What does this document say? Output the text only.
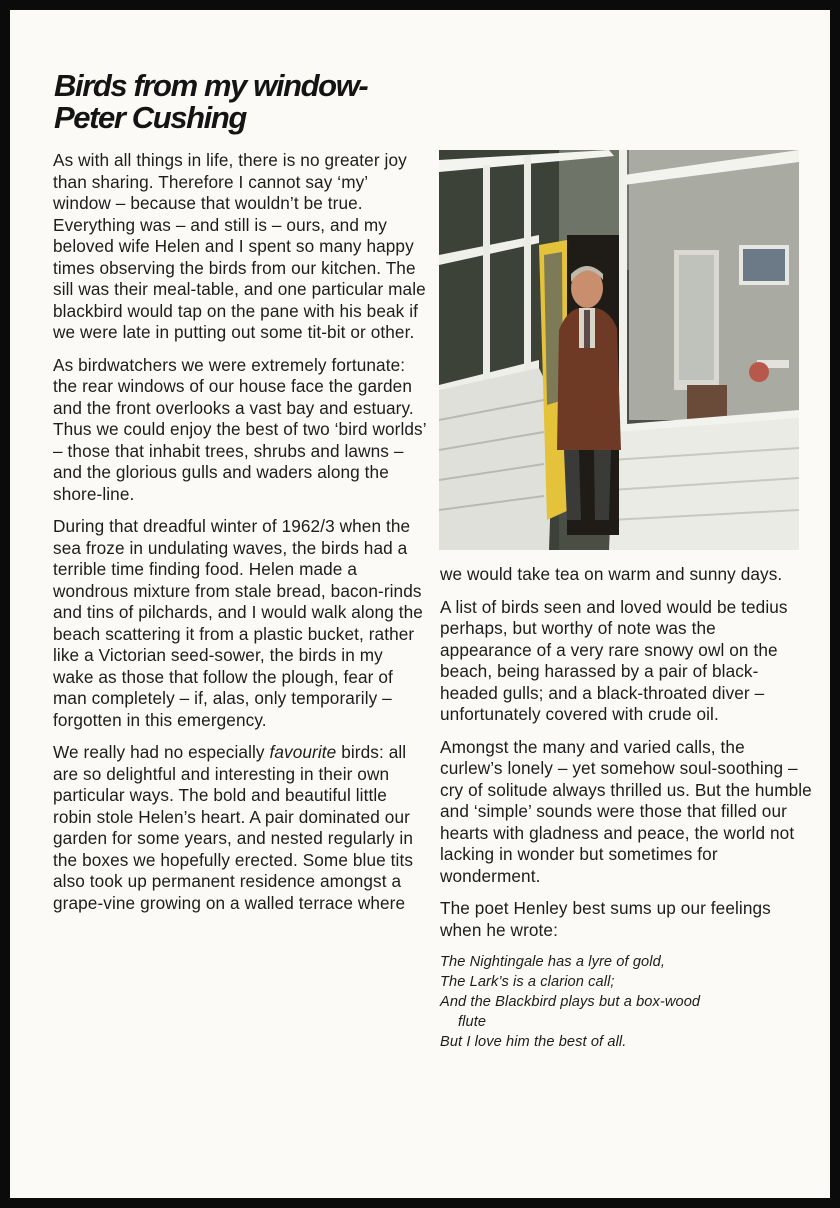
Birds from my window-
Peter Cushing

As with all things in life, there is no greater joy than sharing. Therefore I cannot say ‘my’ window – because that wouldn’t be true. Everything was – and still is – ours, and my beloved wife Helen and I spent so many happy times observing the birds from our kitchen. The sill was their meal-table, and one particular male blackbird would tap on the pane with his beak if we were late in putting out some tit-bit or other.

As birdwatchers we were extremely fortunate: the rear windows of our house face the garden and the front overlooks a vast bay and estuary. Thus we could enjoy the best of two ‘bird worlds’ – those that inhabit trees, shrubs and lawns – and the glorious gulls and waders along the shore-line.

During that dreadful winter of 1962/3 when the sea froze in undulating waves, the birds had a terrible time finding food. Helen made a wondrous mixture from stale bread, bacon-rinds and tins of pilchards, and I would walk along the beach scattering it from a plastic bucket, rather like a Victorian seed-sower, the birds in my wake as those that follow the plough, fear of man completely – if, alas, only temporarily – forgotten in this emergency.

We really had no especially favourite birds: all are so delightful and interesting in their own particular ways. The bold and beautiful little robin stole Helen’s heart. A pair dominated our garden for some years, and nested regularly in the boxes we hopefully erected. Some blue tits also took up permanent residence amongst a grape-vine growing on a walled terrace where

we would take tea on warm and sunny days.

A list of birds seen and loved would be tedius perhaps, but worthy of note was the appearance of a very rare snowy owl on the beach, being harassed by a pair of black-headed gulls; and a black-throated diver – unfortunately covered with crude oil.

Amongst the many and varied calls, the curlew’s lonely – yet somehow soul-soothing – cry of solitude always thrilled us. But the humble and ‘simple’ sounds were those that filled our hearts with gladness and peace, the world not lacking in wonder but sometimes for wonderment.

The poet Henley best sums up our feelings when he wrote:

The Nightingale has a lyre of gold,
The Lark’s is a clarion call;
And the Blackbird plays but a box-wood
flute
But I love him the best of all.
